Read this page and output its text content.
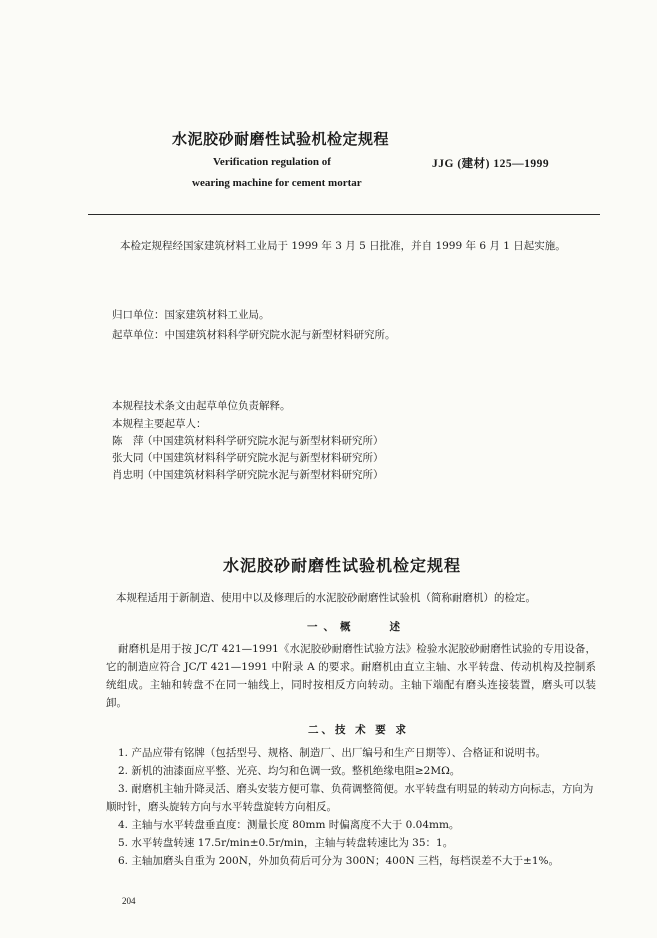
水泥胶砂耐磨性试验机检定规程
Verification regulation of
wearing machine for cement mortar
JJG (建材) 125—1999
本检定规程经国家建筑材料工业局于 1999 年 3 月 5 日批准，并自 1999 年 6 月 1 日起实施。
归口单位：国家建筑材料工业局。
起草单位：中国建筑材料科学研究院水泥与新型材料研究所。
本规程技术条文由起草单位负责解释。
本规程主要起草人：
陈　萍（中国建筑材料科学研究院水泥与新型材料研究所）
张大同（中国建筑材料科学研究院水泥与新型材料研究所）
肖忠明（中国建筑材料科学研究院水泥与新型材料研究所）
水泥胶砂耐磨性试验机检定规程
本规程适用于新制造、使用中以及修理后的水泥胶砂耐磨性试验机（简称耐磨机）的检定。
一、概　　述
耐磨机是用于按 JC/T 421—1991《水泥胶砂耐磨性试验方法》检验水泥胶砂耐磨性试验的专用设备，它的制造应符合 JC/T 421—1991 中附录 A 的要求。耐磨机由直立主轴、水平转盘、传动机构及控制系统组成。主轴和转盘不在同一轴线上，同时按相反方向转动。主轴下端配有磨头连接装置，磨头可以装卸。
二、技 术 要 求
1. 产品应带有铭牌（包括型号、规格、制造厂、出厂编号和生产日期等）、合格证和说明书。
2. 新机的油漆面应平整、光亮、均匀和色调一致。整机绝缘电阻≥2MΩ。
3. 耐磨机主轴升降灵活、磨头安装方便可靠、负荷调整简便。水平转盘有明显的转动方向标志，方向为顺时针，磨头旋转方向与水平转盘旋转方向相反。
4. 主轴与水平转盘垂直度：测量长度 80mm 时偏离度不大于 0.04mm。
5. 水平转盘转速 17.5r/min±0.5r/min，主轴与转盘转速比为 35：1。
6. 主轴加磨头自重为 200N，外加负荷后可分为 300N；400N 三档，每档误差不大于±1%。
204
